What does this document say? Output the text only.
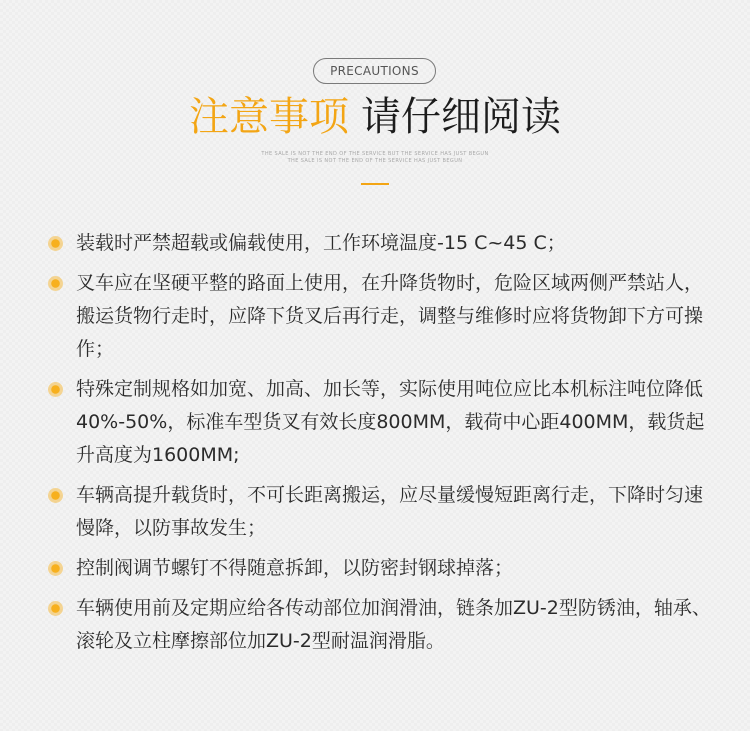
PRECAUTIONS
注意事项 请仔细阅读
THE SALE IS NOT THE END OF THE SERVICE BUT THE SERVICE HAS JUST BEGUN
THE SALE IS NOT THE END OF THE SERVICE HAS JUST BEGUN
装载时严禁超载或偏载使用，工作环境温度-15 C~45 C；
叉车应在坚硬平整的路面上使用，在升降货物时，危险区域两侧严禁站人，搬运货物行走时，应降下货叉后再行走，调整与维修时应将货物卸下方可操作；
特殊定制规格如加宽、加高、加长等，实际使用吨位应比本机标注吨位降低40%-50%，标准车型货叉有效长度800MM，载荷中心距400MM，载货起升高度为1600MM;
车辆高提升载货时，不可长距离搬运，应尽量缓慢短距离行走，下降时匀速慢降，以防事故发生；
控制阀调节螺钉不得随意拆卸，以防密封钢球掉落；
车辆使用前及定期应给各传动部位加润滑油，链条加ZU-2型防锈油，轴承、滚轮及立柱摩擦部位加ZU-2型耐温润滑脂。
